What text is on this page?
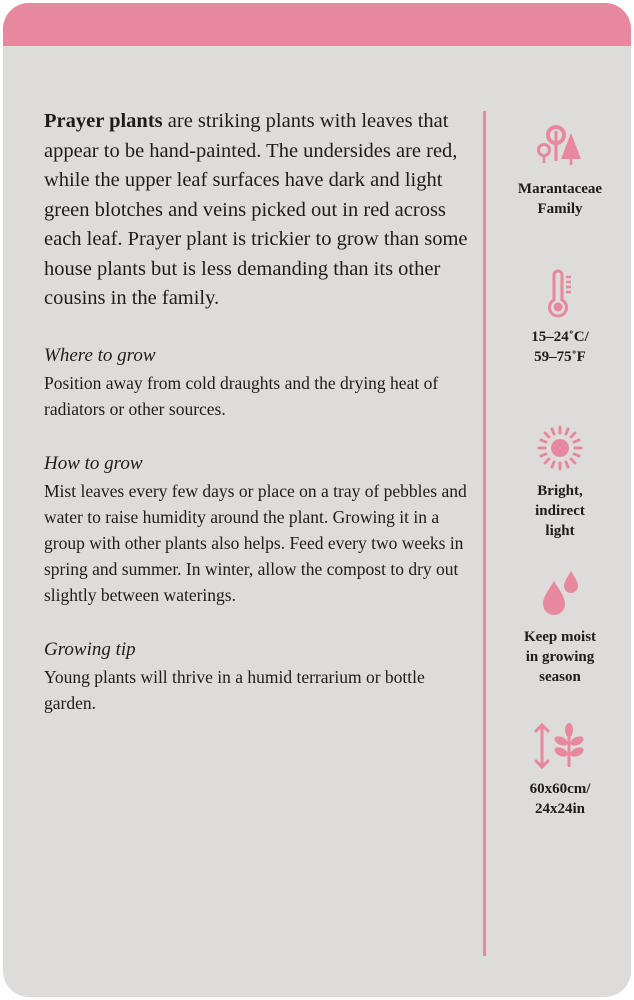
Prayer plants are striking plants with leaves that appear to be hand-painted. The undersides are red, while the upper leaf surfaces have dark and light green blotches and veins picked out in red across each leaf. Prayer plant is trickier to grow than some house plants but is less demanding than its other cousins in the family.

Where to grow

Position away from cold draughts and the drying heat of radiators or other sources.

How to grow

Mist leaves every few days or place on a tray of pebbles and water to raise humidity around the plant. Growing it in a group with other plants also helps. Feed every two weeks in spring and summer. In winter, allow the compost to dry out slightly between waterings.

Growing tip

Young plants will thrive in a humid terrarium or bottle garden.

Marantaceae
Family
15–24˚C/
59–75˚F
Bright,
indirect
light
Keep moist
in growing
season
60x60cm/
24x24in
